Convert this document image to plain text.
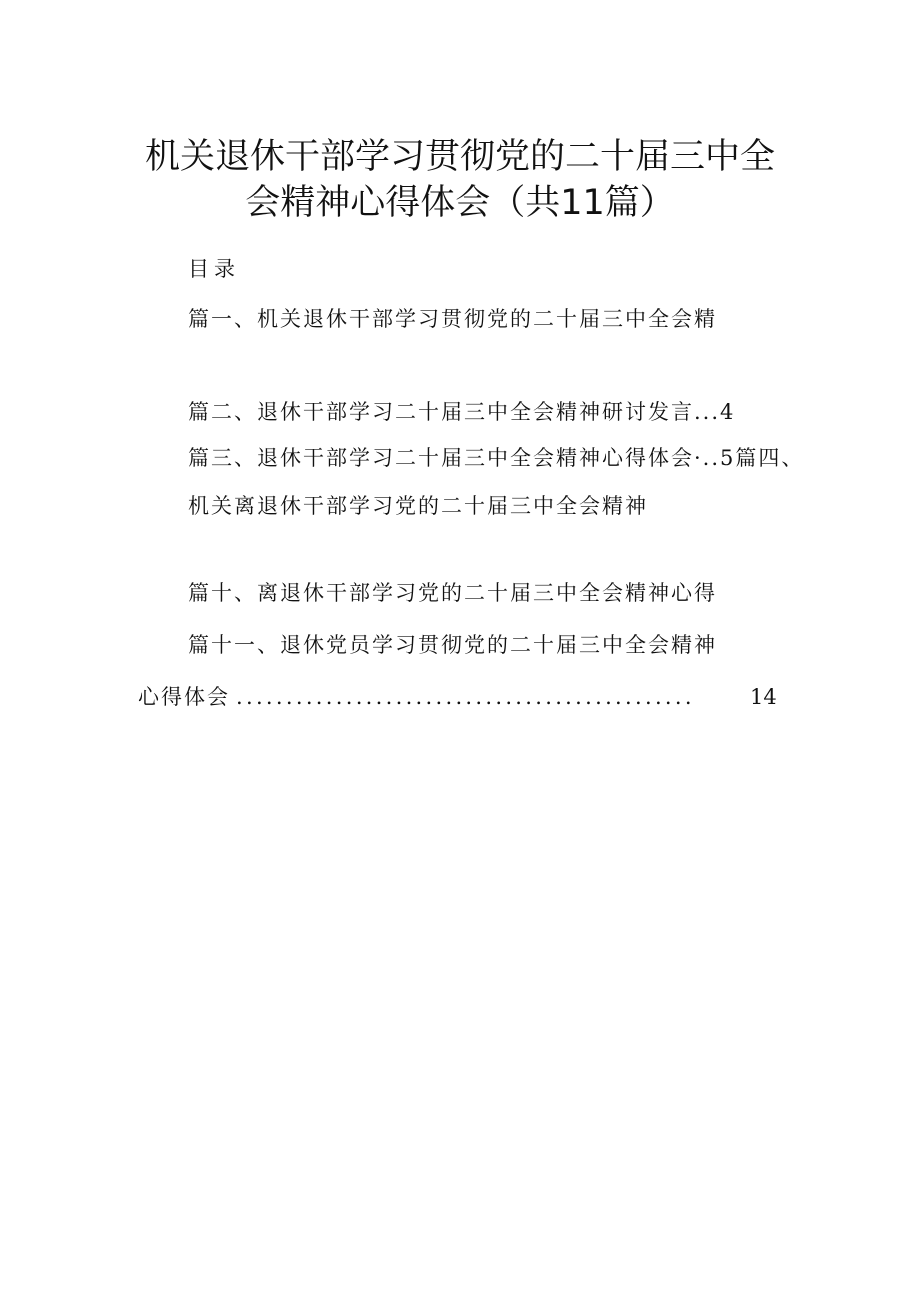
机关退休干部学习贯彻党的二十届三中全
会精神心得体会（共11篇）
目录
篇一、机关退休干部学习贯彻党的二十届三中全会精
篇二、退休干部学习二十届三中全会精神研讨发言...4
篇三、退休干部学习二十届三中全会精神心得体会·..5篇四、
机关离退休干部学习党的二十届三中全会精神
篇十、离退休干部学习党的二十届三中全会精神心得
篇十一、退休党员学习贯彻党的二十届三中全会精神
心得体会 ..............................................	14
